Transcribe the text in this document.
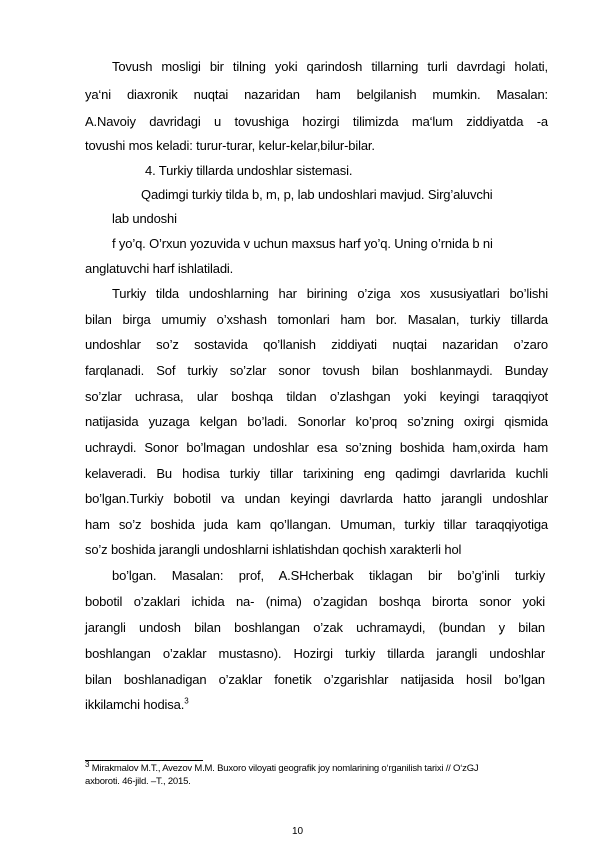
Tovush mosligi bir tilning yoki qarindosh tillarning turli davrdagi holati,
ya‘ni diaxronik nuqtai nazaridan ham belgilanish mumkin. Masalan:
A.Navoiy davridagi u tovushiga hozirgi tilimizda ma‘lum ziddiyatda -a
tovushi mos keladi: turur-turar, kelur-kelar,bilur-bilar.
4. Turkiy tillarda undoshlar sistemasi.
Qadimgi turkiy tilda b, m, p, lab undoshlari mavjud. Sirg’aluvchi
lab undoshi
f yo’q. O’rxun yozuvida v uchun maxsus harf yo’q. Uning o’rnida b ni
anglatuvchi harf ishlatiladi.
Turkiy tilda undoshlarning har birining o’ziga xos xususiyatlari bo’lishi
bilan birga umumiy o’xshash tomonlari ham bor. Masalan, turkiy tillarda
undoshlar so’z sostavida qo’llanish ziddiyati nuqtai nazaridan o’zaro
farqlanadi. Sof turkiy so’zlar sonor tovush bilan boshlanmaydi. Bunday
so’zlar uchrasa, ular boshqa tildan o’zlashgan yoki keyingi taraqqiyot
natijasida yuzaga kelgan bo’ladi. Sonorlar ko’proq so’zning oxirgi qismida
uchraydi. Sonor bo’lmagan undoshlar esa so’zning boshida ham,oxirda ham
kelaveradi. Bu hodisa turkiy tillar tarixining eng qadimgi davrlarida kuchli
bo’lgan.Turkiy bobotil va undan keyingi davrlarda hatto jarangli undoshlar
ham so’z boshida juda kam qo’llangan. Umuman, turkiy tillar taraqqiyotiga
so’z boshida jarangli undoshlarni ishlatishdan qochish xarakterli hol
bo’lgan. Masalan: prof, A.SHcherbak tiklagan bir bo’g’inli turkiy
bobotil o’zaklari ichida na- (nima) o’zagidan boshqa birorta sonor yoki
jarangli undosh bilan boshlangan o’zak uchramaydi, (bundan y bilan
boshlangan o’zaklar mustasno). Hozirgi turkiy tillarda jarangli undoshlar
bilan boshlanadigan o’zaklar fonetik o’zgarishlar natijasida hosil bo’lgan
ikkilamchi hodisa.$^3$
$^3$ Mirakmalov M.T., Avezov M.M. Buxoro viloyati geografik joy nomlarining o‘rganilish tarixi // O‘zGJ
axboroti. 46-jild. –T., 2015.
10
